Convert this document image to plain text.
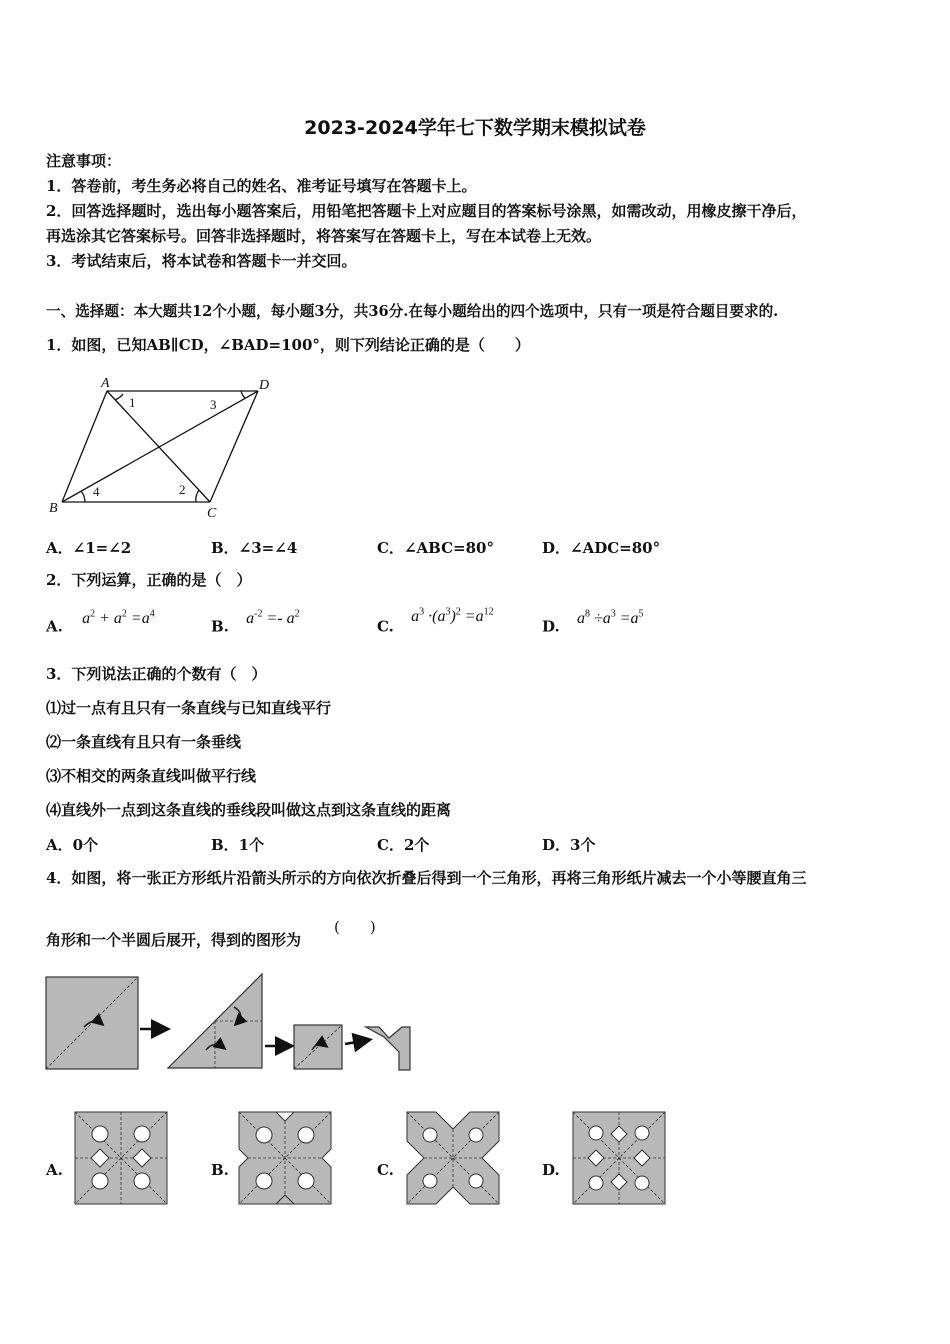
2023-2024学年七下数学期末模拟试卷
注意事项：
1．答卷前，考生务必将自己的姓名、准考证号填写在答题卡上。
2．回答选择题时，选出每小题答案后，用铅笔把答题卡上对应题目的答案标号涂黑，如需改动，用橡皮擦干净后，
再选涂其它答案标号。回答非选择题时，将答案写在答题卡上，写在本试卷上无效。
3．考试结束后，将本试卷和答题卡一并交回。
一、选择题：本大题共12个小题，每小题3分，共36分.在每小题给出的四个选项中，只有一项是符合题目要求的.
1．如图，已知AB∥CD，∠BAD=100°，则下列结论正确的是（　　）
A	D
B	C
1	3
4	2
A．∠1=∠2	B．∠3=∠4	C．∠ABC=80°	D．∠ADC=80°
2．下列运算，正确的是（　）
A. $a^2 + a^2 =a^4$
B. $a^{-2} =- a^2$
C. $a^3 \cdot(a^3)^2 =a^{12}$
D. $a^8 \div a^3 =a^5$
3．下列说法正确的个数有（　）
⑴过一点有且只有一条直线与已知直线平行
⑵一条直线有且只有一条垂线
⑶不相交的两条直线叫做平行线
⑷直线外一点到这条直线的垂线段叫做这点到这条直线的距离
A．0个	B．1个	C．2个	D．3个
4．如图，将一张正方形纸片沿箭头所示的方向依次折叠后得到一个三角形，再将三角形纸片减去一个小等腰直角三
角形和一个半圆后展开，得到的图形为
(　　)
A.	B.	C.	D.
